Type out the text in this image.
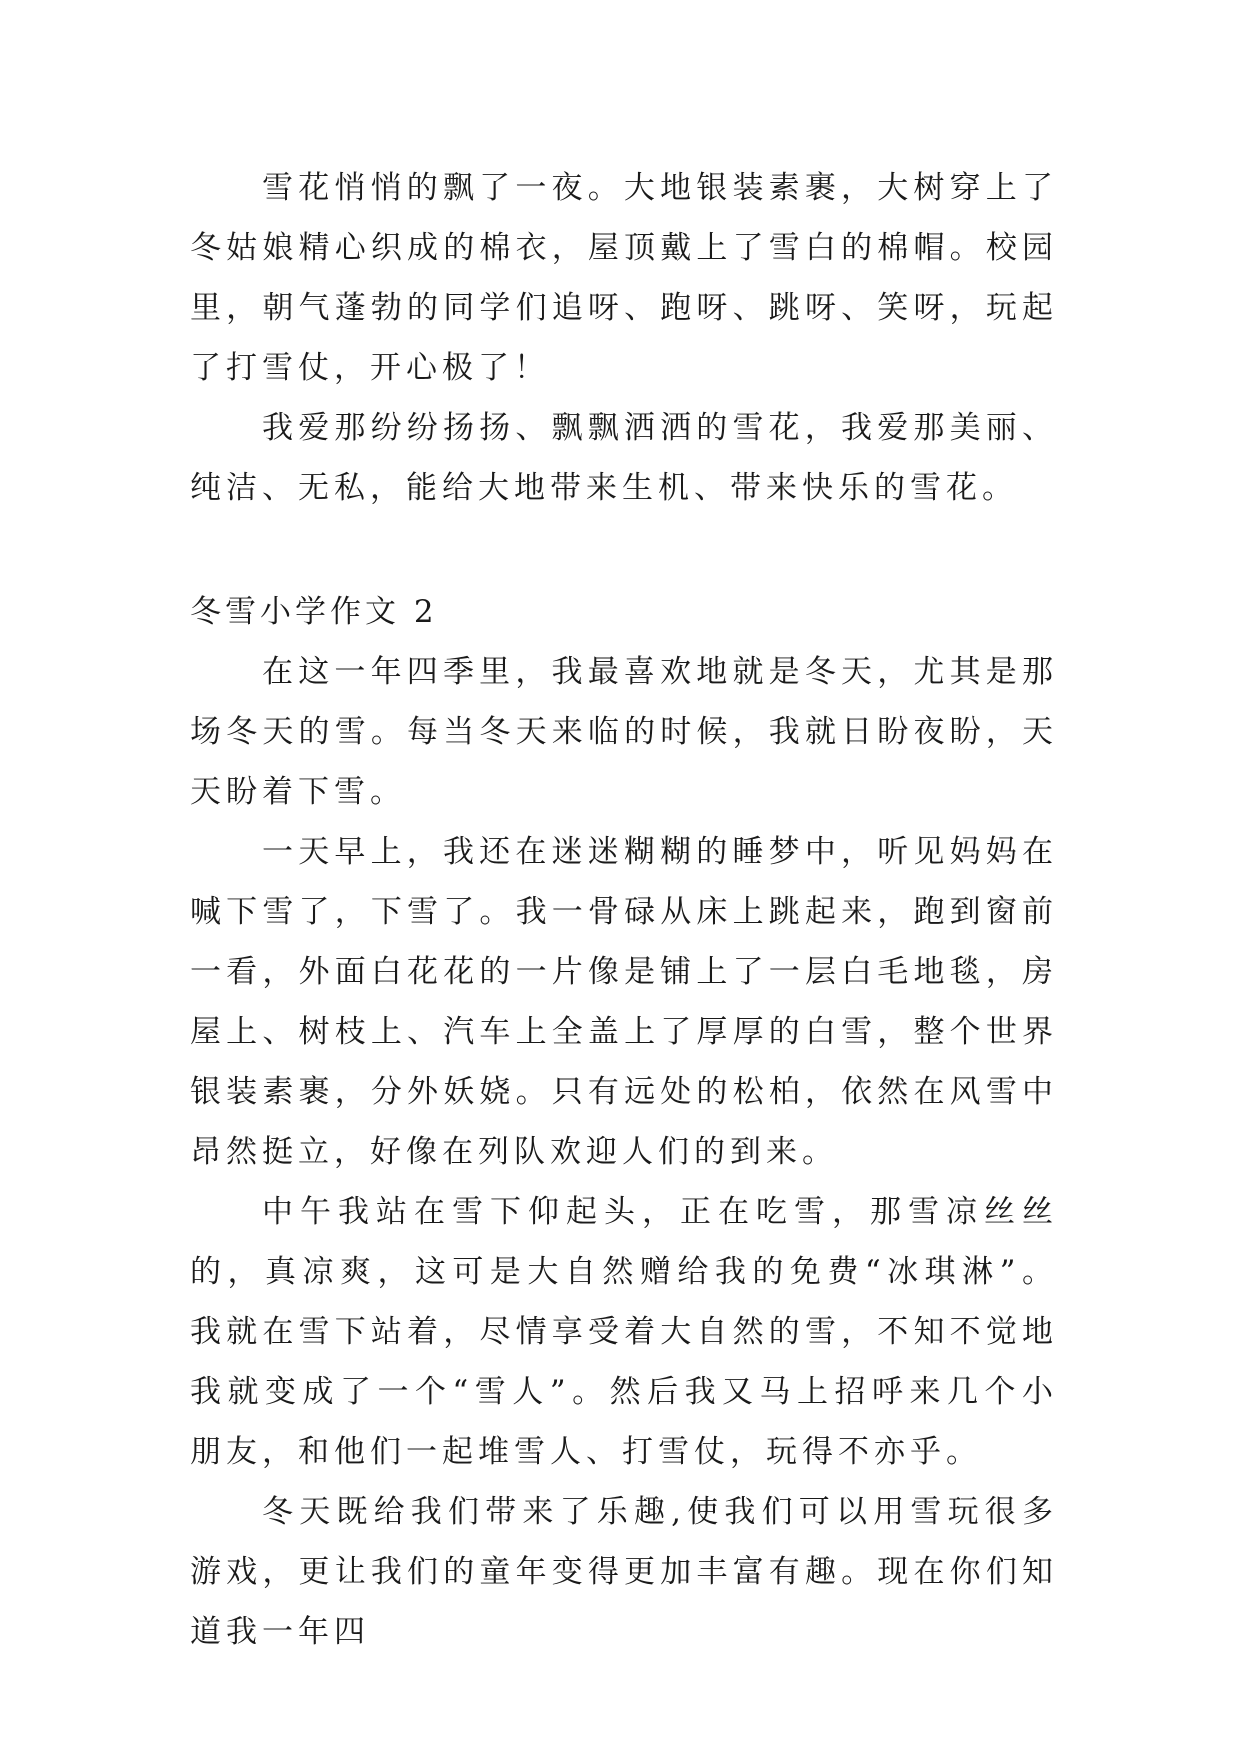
雪花悄悄的飘了一夜。大地银装素裹，大树穿上了冬姑娘精心织成的棉衣，屋顶戴上了雪白的棉帽。校园里，朝气蓬勃的同学们追呀、跑呀、跳呀、笑呀，玩起了打雪仗，开心极了！

我爱那纷纷扬扬、飘飘洒洒的雪花，我爱那美丽、纯洁、无私，能给大地带来生机、带来快乐的雪花。

冬雪小学作文 2

在这一年四季里，我最喜欢地就是冬天，尤其是那场冬天的雪。每当冬天来临的时候，我就日盼夜盼，天天盼着下雪。

一天早上，我还在迷迷糊糊的睡梦中，听见妈妈在喊下雪了，下雪了。我一骨碌从床上跳起来，跑到窗前一看，外面白花花的一片像是铺上了一层白毛地毯，房屋上、树枝上、汽车上全盖上了厚厚的白雪，整个世界银装素裹，分外妖娆。只有远处的松柏，依然在风雪中昂然挺立，好像在列队欢迎人们的到来。

中午我站在雪下仰起头，正在吃雪，那雪凉丝丝的，真凉爽，这可是大自然赠给我的免费“冰琪淋”。我就在雪下站着，尽情享受着大自然的雪，不知不觉地我就变成了一个“雪人”。然后我又马上招呼来几个小朋友，和他们一起堆雪人、打雪仗，玩得不亦乎。

冬天既给我们带来了乐趣,使我们可以用雪玩很多游戏，更让我们的童年变得更加丰富有趣。现在你们知道我一年四
